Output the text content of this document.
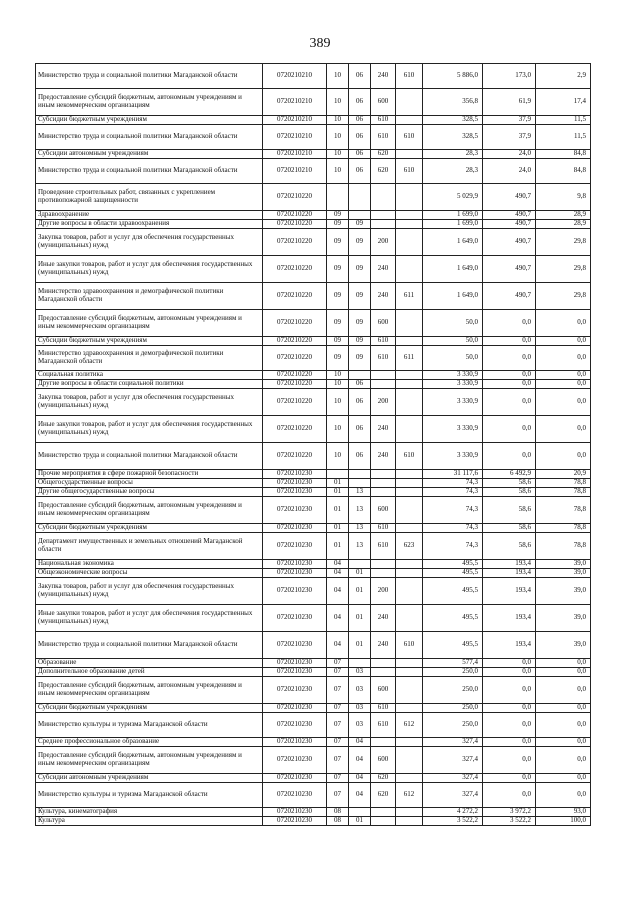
389
Министерство труда и социальной политики Магаданской области	0720210210	10	06	240	610	5 886,0	173,0	2,9
Предоставление субсидий бюджетным, автономным учреждениям и иным некоммерческим организациям	0720210210	10	06	600		356,8	61,9	17,4
Субсидии бюджетным учреждениям	0720210210	10	06	610		328,5	37,9	11,5
Министерство труда и социальной политики Магаданской области	0720210210	10	06	610	610	328,5	37,9	11,5
Субсидии автономным учреждениям	0720210210	10	06	620		28,3	24,0	84,8
Министерство труда и социальной политики Магаданской области	0720210210	10	06	620	610	28,3	24,0	84,8
Проведение строительных работ, связанных с укреплением противопожарной защищенности	0720210220					5 029,9	490,7	9,8
Здравоохранение	0720210220	09				1 699,0	490,7	28,9
Другие вопросы в области здравоохранения	0720210220	09	09			1 699,0	490,7	28,9
Закупка товаров, работ и услуг для обеспечения государственных (муниципальных) нужд	0720210220	09	09	200		1 649,0	490,7	29,8
Иные закупки товаров, работ и услуг для обеспечения государственных (муниципальных) нужд	0720210220	09	09	240		1 649,0	490,7	29,8
Министерство здравоохранения и демографической политики Магаданской области	0720210220	09	09	240	611	1 649,0	490,7	29,8
Предоставление субсидий бюджетным, автономным учреждениям и иным некоммерческим организациям	0720210220	09	09	600		50,0	0,0	0,0
Субсидии бюджетным учреждениям	0720210220	09	09	610		50,0	0,0	0,0
Министерство здравоохранения и демографической политики Магаданской области	0720210220	09	09	610	611	50,0	0,0	0,0
Социальная политика	0720210220	10				3 330,9	0,0	0,0
Другие вопросы в области социальной политики	0720210220	10	06			3 330,9	0,0	0,0
Закупка товаров, работ и услуг для обеспечения государственных (муниципальных) нужд	0720210220	10	06	200		3 330,9	0,0	0,0
Иные закупки товаров, работ и услуг для обеспечения государственных (муниципальных) нужд	0720210220	10	06	240		3 330,9	0,0	0,0
Министерство труда и социальной политики Магаданской области	0720210220	10	06	240	610	3 330,9	0,0	0,0
Прочие мероприятия в сфере пожарной безопасности	0720210230					31 117,6	6 492,9	20,9
Общегосударственные вопросы	0720210230	01				74,3	58,6	78,8
Другие общегосударственные вопросы	0720210230	01	13			74,3	58,6	78,8
Предоставление субсидий бюджетным, автономным учреждениям и иным некоммерческим организациям	0720210230	01	13	600		74,3	58,6	78,8
Субсидии бюджетным учреждениям	0720210230	01	13	610		74,3	58,6	78,8
Департамент имущественных и земельных отношений Магаданской области	0720210230	01	13	610	623	74,3	58,6	78,8
Национальная экономика	0720210230	04				495,5	193,4	39,0
Общеэкономические вопросы	0720210230	04	01			495,5	193,4	39,0
Закупка товаров, работ и услуг для обеспечения государственных (муниципальных) нужд	0720210230	04	01	200		495,5	193,4	39,0
Иные закупки товаров, работ и услуг для обеспечения государственных (муниципальных) нужд	0720210230	04	01	240		495,5	193,4	39,0
Министерство труда и социальной политики Магаданской области	0720210230	04	01	240	610	495,5	193,4	39,0
Образование	0720210230	07				577,4	0,0	0,0
Дополнительное образование детей	0720210230	07	03			250,0	0,0	0,0
Предоставление субсидий бюджетным, автономным учреждениям и иным некоммерческим организациям	0720210230	07	03	600		250,0	0,0	0,0
Субсидии бюджетным учреждениям	0720210230	07	03	610		250,0	0,0	0,0
Министерство культуры и туризма Магаданской области	0720210230	07	03	610	612	250,0	0,0	0,0
Среднее профессиональное образование	0720210230	07	04			327,4	0,0	0,0
Предоставление субсидий бюджетным, автономным учреждениям и иным некоммерческим организациям	0720210230	07	04	600		327,4	0,0	0,0
Субсидии автономным учреждениям	0720210230	07	04	620		327,4	0,0	0,0
Министерство культуры и туризма Магаданской области	0720210230	07	04	620	612	327,4	0,0	0,0
Культура, кинематография	0720210230	08				4 272,2	3 972,2	93,0
Культура	0720210230	08	01			3 522,2	3 522,2	100,0
